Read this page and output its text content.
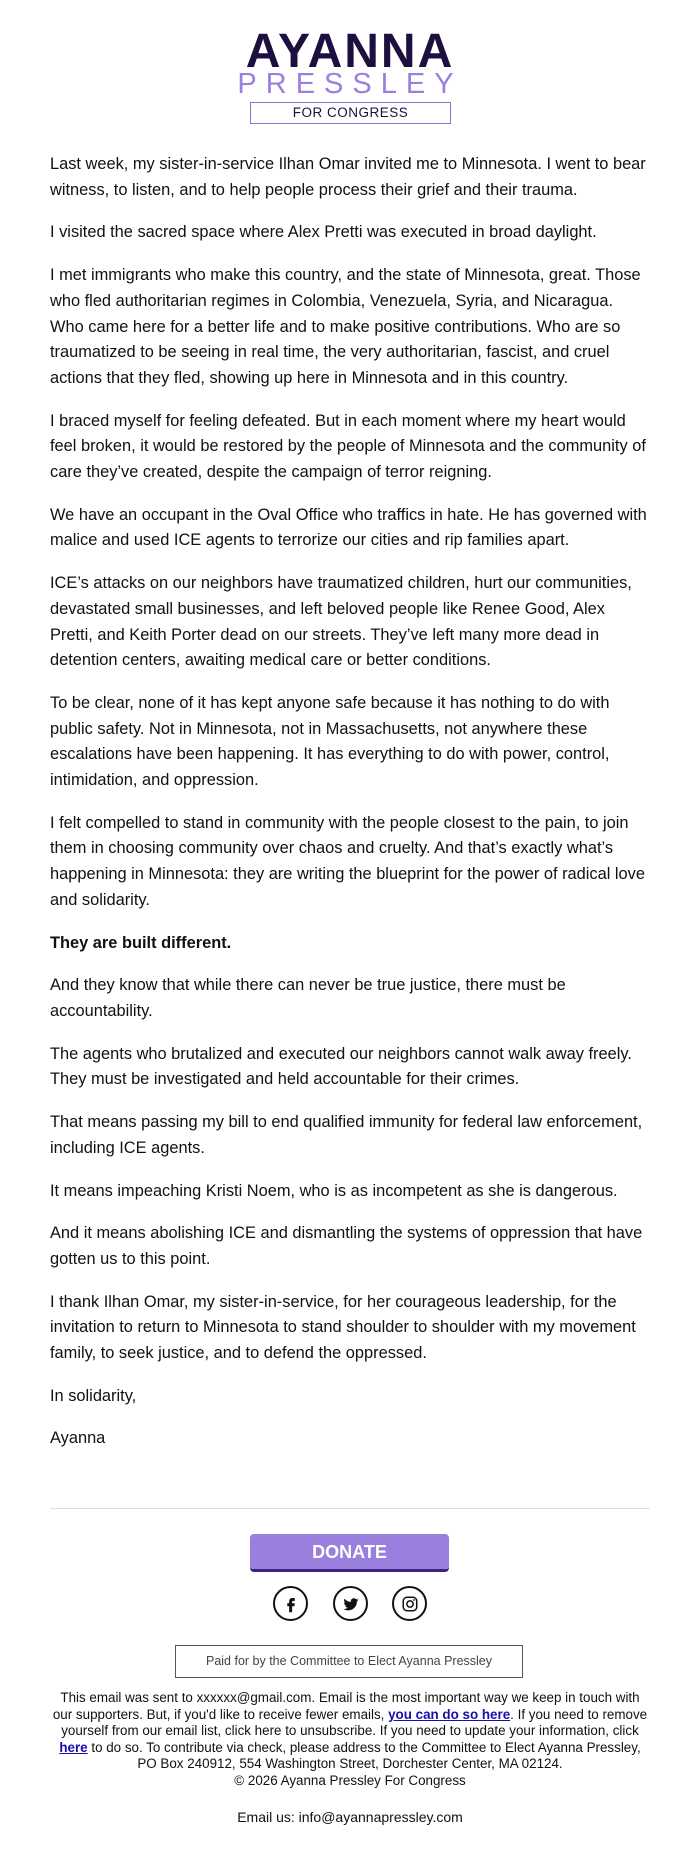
AYANNA
PRESSLEY
FOR CONGRESS

Last week, my sister-in-service Ilhan Omar invited me to Minnesota. I went to bear witness, to listen, and to help people process their grief and their trauma.

I visited the sacred space where Alex Pretti was executed in broad daylight.

I met immigrants who make this country, and the state of Minnesota, great. Those who fled authoritarian regimes in Colombia, Venezuela, Syria, and Nicaragua. Who came here for a better life and to make positive contributions. Who are so traumatized to be seeing in real time, the very authoritarian, fascist, and cruel actions that they fled, showing up here in Minnesota and in this country.

I braced myself for feeling defeated. But in each moment where my heart would feel broken, it would be restored by the people of Minnesota and the community of care they’ve created, despite the campaign of terror reigning.

We have an occupant in the Oval Office who traffics in hate. He has governed with malice and used ICE agents to terrorize our cities and rip families apart.

ICE’s attacks on our neighbors have traumatized children, hurt our communities, devastated small businesses, and left beloved people like Renee Good, Alex Pretti, and Keith Porter dead on our streets. They’ve left many more dead in detention centers, awaiting medical care or better conditions.

To be clear, none of it has kept anyone safe because it has nothing to do with public safety. Not in Minnesota, not in Massachusetts, not anywhere these escalations have been happening. It has everything to do with power, control, intimidation, and oppression.

I felt compelled to stand in community with the people closest to the pain, to join them in choosing community over chaos and cruelty. And that’s exactly what’s happening in Minnesota: they are writing the blueprint for the power of radical love and solidarity.

They are built different.

And they know that while there can never be true justice, there must be accountability.

The agents who brutalized and executed our neighbors cannot walk away freely. They must be investigated and held accountable for their crimes.

That means passing my bill to end qualified immunity for federal law enforcement, including ICE agents.

It means impeaching Kristi Noem, who is as incompetent as she is dangerous.

And it means abolishing ICE and dismantling the systems of oppression that have gotten us to this point.

I thank Ilhan Omar, my sister-in-service, for her courageous leadership, for the invitation to return to Minnesota to stand shoulder to shoulder with my movement family, to seek justice, and to defend the oppressed.

In solidarity,

Ayanna

DONATE
Paid for by the Committee to Elect Ayanna Pressley
This email was sent to xxxxxx@gmail.com. Email is the most important way we keep in touch with our supporters. But, if you'd like to receive fewer emails, you can do so here. If you need to remove yourself from our email list, click here to unsubscribe. If you need to update your information, click here to do so. To contribute via check, please address to the Committee to Elect Ayanna Pressley, PO Box 240912, 554 Washington Street, Dorchester Center, MA 02124.
© 2026 Ayanna Pressley For Congress
Email us: info@ayannapressley.com
